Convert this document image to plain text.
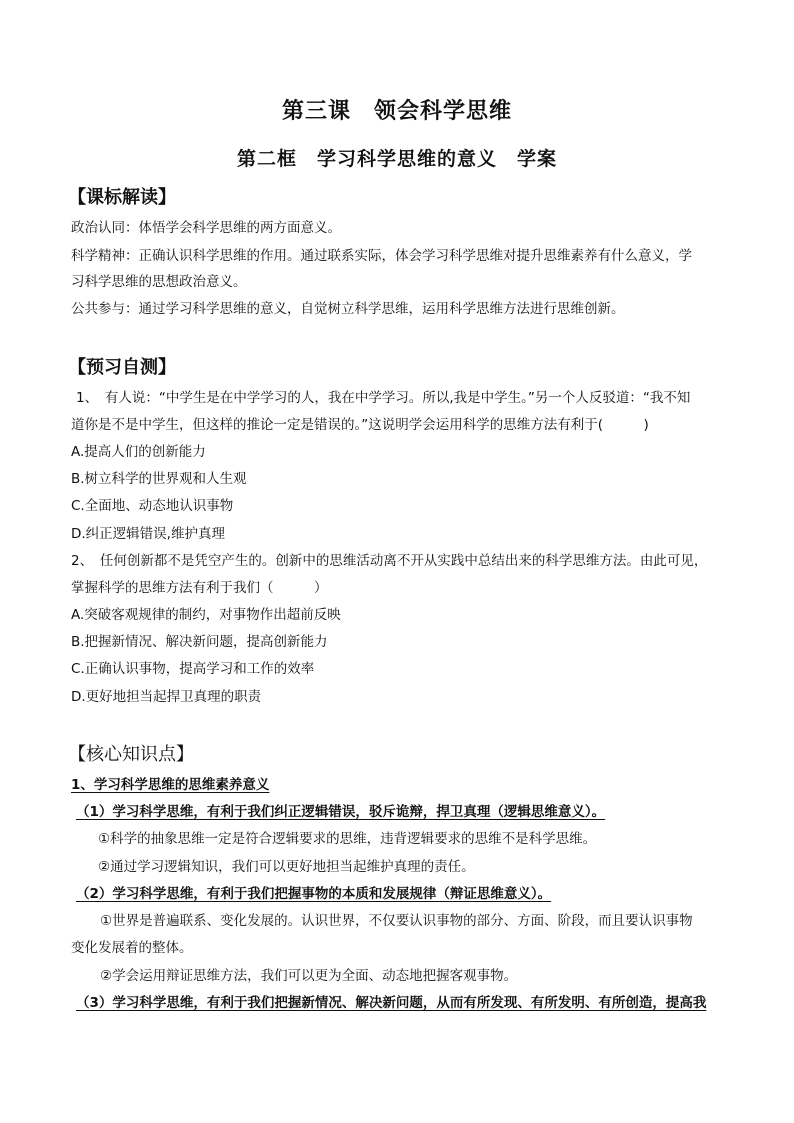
第三课　领会科学思维
第二框　学习科学思维的意义　学案
【课标解读】
政治认同：体悟学会科学思维的两方面意义。
科学精神：正确认识科学思维的作用。通过联系实际，体会学习科学思维对提升思维素养有什么意义，学
习科学思维的思想政治意义。
公共参与：通过学习科学思维的意义，自觉树立科学思维，运用科学思维方法进行思维创新。
【预习自测】
1、　有人说：“中学生是在中学学习的人，我在中学学习。所以,我是中学生。”另一个人反驳道：“我不知
道你是不是中学生，但这样的推论一定是错误的。”这说明学会运用科学的思维方法有利于(　　　)
A.提高人们的创新能力
B.树立科学的世界观和人生观
C.全面地、动态地认识事物
D.纠正逻辑错误,维护真理
2、　任何创新都不是凭空产生的。创新中的思维活动离不开从实践中总结出来的科学思维方法。由此可见，
掌握科学的思维方法有利于我们（　　　）
A.突破客观规律的制约，对事物作出超前反映
B.把握新情况、解决新问题，提高创新能力
C.正确认识事物，提高学习和工作的效率
D.更好地担当起捍卫真理的职责
【核心知识点】
1、学习科学思维的思维素养意义
（1）学习科学思维，有利于我们纠正逻辑错误，驳斥诡辩，捍卫真理（逻辑思维意义）。
①科学的抽象思维一定是符合逻辑要求的思维，违背逻辑要求的思维不是科学思维。
②通过学习逻辑知识，我们可以更好地担当起维护真理的责任。
（2）学习科学思维，有利于我们把握事物的本质和发展规律（辩证思维意义）。
①世界是普遍联系、变化发展的。认识世界，不仅要认识事物的部分、方面、阶段，而且要认识事物
变化发展着的整体。
②学会运用辩证思维方法，我们可以更为全面、动态地把握客观事物。
（3）学习科学思维，有利于我们把握新情况、解决新问题，从而有所发现、有所发明、有所创造，提高我
